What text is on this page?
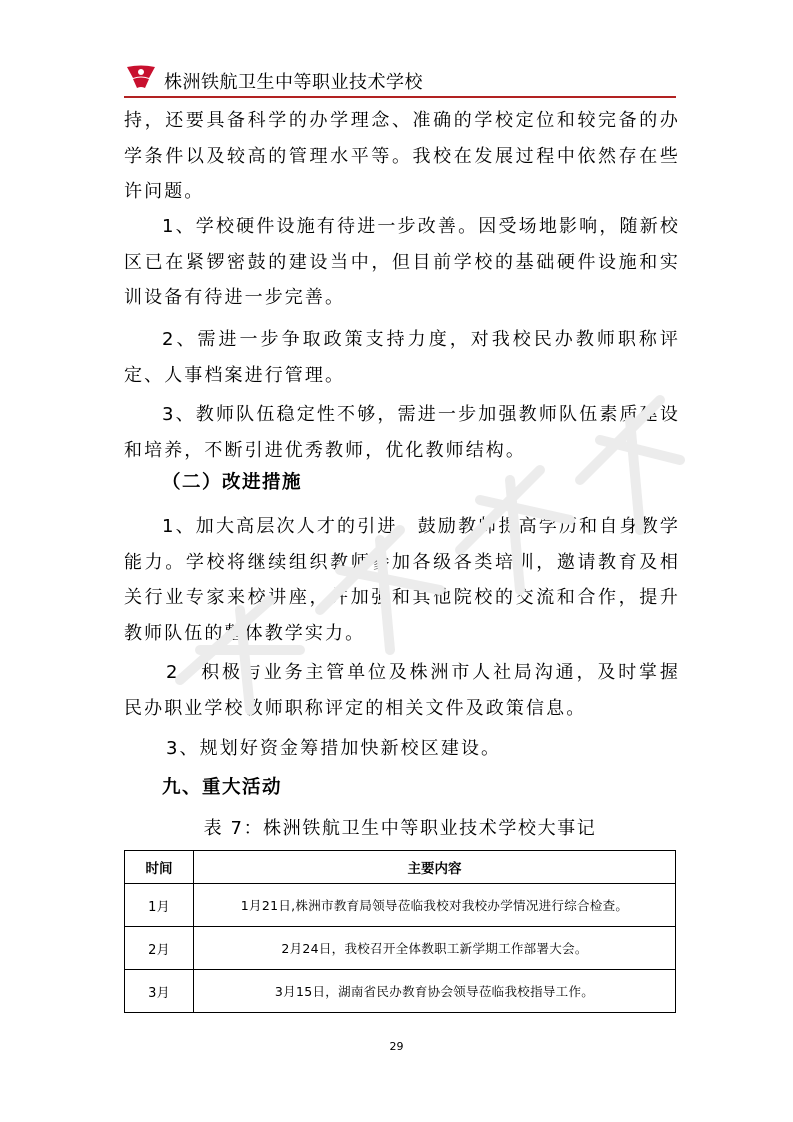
株洲铁航卫生中等职业技术学校

持，还要具备科学的办学理念、准确的学校定位和较完备的办学条件以及较高的管理水平等。我校在发展过程中依然存在些许问题。

1、学校硬件设施有待进一步改善。因受场地影响，随新校区已在紧锣密鼓的建设当中，但目前学校的基础硬件设施和实训设备有待进一步完善。

2、需进一步争取政策支持力度，对我校民办教师职称评定、人事档案进行管理。

3、教师队伍稳定性不够，需进一步加强教师队伍素质建设和培养，不断引进优秀教师，优化教师结构。

（二）改进措施

1、加大高层次人才的引进，鼓励教师提高学历和自身教学能力。学校将继续组织教师参加各级各类培训，邀请教育及相关行业专家来校讲座，并加强和其他院校的交流和合作，提升教师队伍的整体教学实力。

2、积极与业务主管单位及株洲市人社局沟通，及时掌握民办职业学校教师职称评定的相关文件及政策信息。

3、规划好资金筹措加快新校区建设。

九、重大活动
表 7：株洲铁航卫生中等职业技术学校大事记
时间	主要内容
1月	1月21日,株洲市教育局领导莅临我校对我校办学情况进行综合检查。
2月	2月24日，我校召开全体教职工新学期工作部署大会。
3月	3月15日，湖南省民办教育协会领导莅临我校指导工作。
29
